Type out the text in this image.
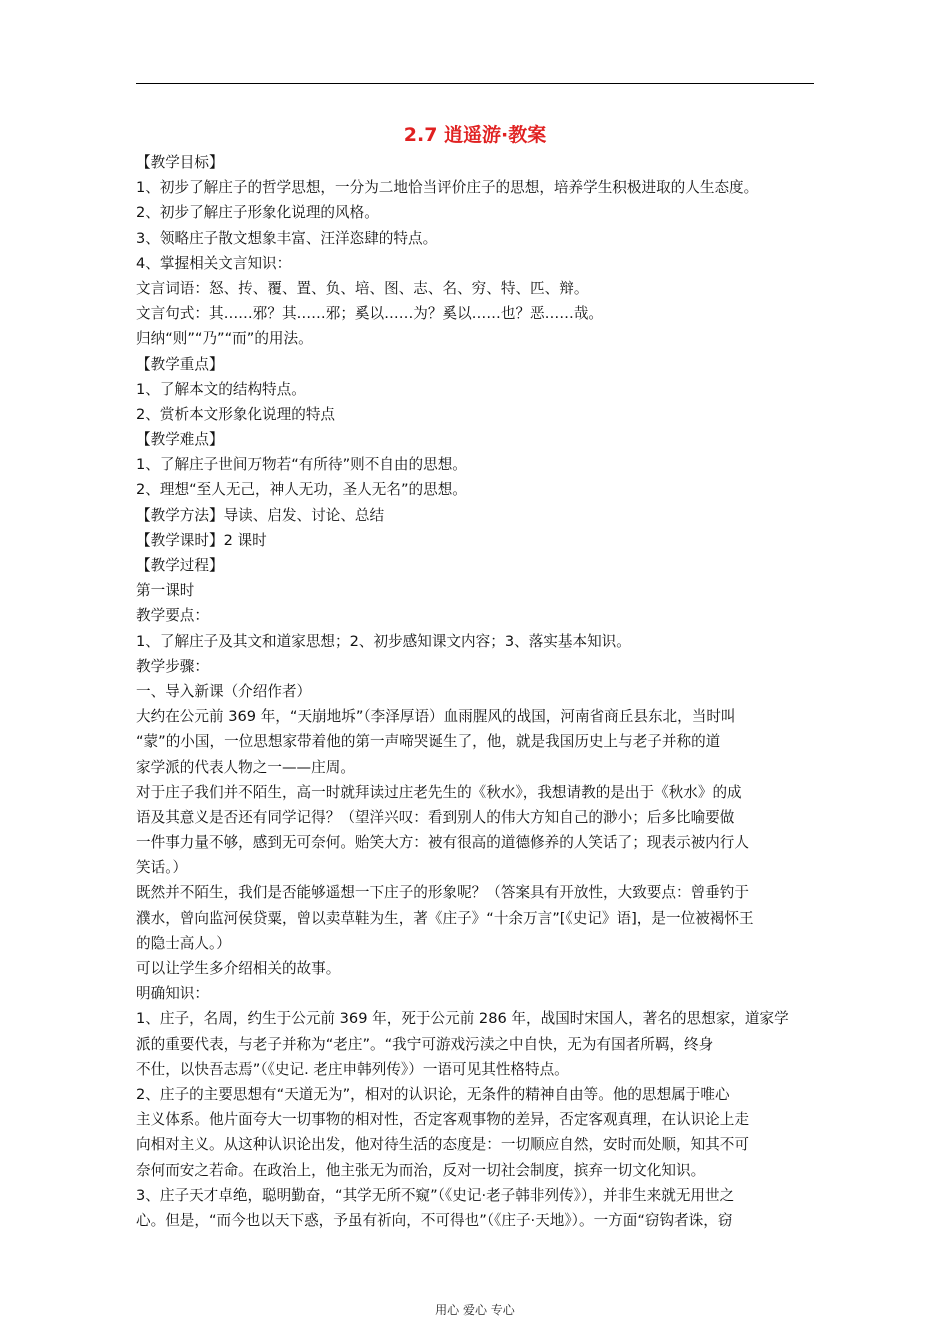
2.7 逍遥游·教案
【教学目标】
1、初步了解庄子的哲学思想，一分为二地恰当评价庄子的思想，培养学生积极进取的人生态度。
2、初步了解庄子形象化说理的风格。
3、领略庄子散文想象丰富、汪洋恣肆的特点。
4、掌握相关文言知识：
文言词语：怒、抟、覆、置、负、培、图、志、名、穷、特、匹、辩。
文言句式：其……邪？其……邪；奚以……为？奚以……也？恶……哉。
归纳“则”“乃”“而”的用法。
【教学重点】
1、了解本文的结构特点。
2、赏析本文形象化说理的特点
【教学难点】
1、了解庄子世间万物若“有所待”则不自由的思想。
2、理想“至人无己，神人无功，圣人无名”的思想。
【教学方法】导读、启发、讨论、总结
【教学课时】2 课时
【教学过程】
第一课时
教学要点：
1、了解庄子及其文和道家思想；2、初步感知课文内容；3、落实基本知识。
教学步骤：
一、导入新课（介绍作者）
大约在公元前 369 年，“天崩地坼”（李泽厚语）血雨腥风的战国，河南省商丘县东北，当时叫
“蒙”的小国，一位思想家带着他的第一声啼哭诞生了，他，就是我国历史上与老子并称的道
家学派的代表人物之一——庄周。
对于庄子我们并不陌生，高一时就拜读过庄老先生的《秋水》，我想请教的是出于《秋水》的成
语及其意义是否还有同学记得？（望洋兴叹：看到别人的伟大方知自己的渺小；后多比喻要做
一件事力量不够，感到无可奈何。贻笑大方：被有很高的道德修养的人笑话了；现表示被内行人
笑话。）
既然并不陌生，我们是否能够遥想一下庄子的形象呢？（答案具有开放性，大致要点：曾垂钓于
濮水，曾向监河侯贷粟，曾以卖草鞋为生，著《庄子》“十余万言”[《史记》语]，是一位被褐怀王
的隐士高人。）
可以让学生多介绍相关的故事。
明确知识：
1、庄子，名周，约生于公元前 369 年，死于公元前 286 年，战国时宋国人，著名的思想家，道家学
派的重要代表，与老子并称为“老庄”。“我宁可游戏污渎之中自快，无为有国者所羁，终身
不仕，以快吾志焉”（《史记. 老庄申韩列传》）一语可见其性格特点。
2、庄子的主要思想有“天道无为”，相对的认识论，无条件的精神自由等。他的思想属于唯心
主义体系。他片面夸大一切事物的相对性，否定客观事物的差异，否定客观真理，在认识论上走
向相对主义。从这种认识论出发，他对待生活的态度是：一切顺应自然，安时而处顺，知其不可
奈何而安之若命。在政治上，他主张无为而治，反对一切社会制度，摈弃一切文化知识。
3、庄子天才卓绝，聪明勤奋，“其学无所不窥”（《史记·老子韩非列传》），并非生来就无用世之
心。但是，“而今也以天下惑，予虽有祈向，不可得也”（《庄子·天地》）。一方面“窃钩者诛，窃
用心 爱心 专心
